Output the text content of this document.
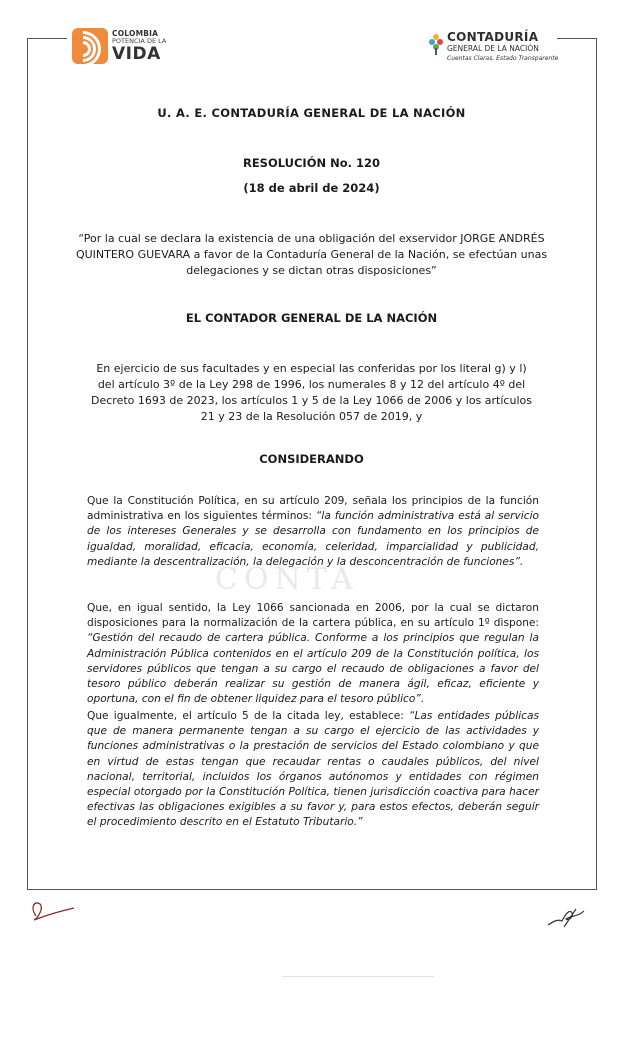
COLOMBIA
POTENCIA DE LA
VIDA
CONTADURÍA
GENERAL DE LA NACIÓN
Cuentas Claras, Estado Transparente

U. A. E. CONTADURÍA GENERAL DE LA NACIÓN

RESOLUCIÓN No. 120

(18 de abril de 2024)

“Por la cual se declara la existencia de una obligación del exservidor JORGE ANDRÉS QUINTERO GUEVARA a favor de la Contaduría General de la Nación, se efectúan unas delegaciones y se dictan otras disposiciones”

EL CONTADOR GENERAL DE LA NACIÓN

En ejercicio de sus facultades y en especial las conferidas por los literal g) y l) del artículo 3º de la Ley 298 de 1996, los numerales 8 y 12 del artículo 4º del Decreto 1693 de 2023, los artículos 1 y 5 de la Ley 1066 de 2006 y los artículos 21 y 23 de la Resolución 057 de 2019, y

CONSIDERANDO

CONTA

Que la Constitución Política, en su artículo 209, señala los principios de la función administrativa en los siguientes términos: “la función administrativa está al servicio de los intereses Generales y se desarrolla con fundamento en los principios de igualdad, moralidad, eficacia, economía, celeridad, imparcialidad y publicidad, mediante la descentralización, la delegación y la desconcentración de funciones”.

Que, en igual sentido, la Ley 1066 sancionada en 2006, por la cual se dictaron disposiciones para la normalización de la cartera pública, en su artículo 1º dispone: “Gestión del recaudo de cartera pública. Conforme a los principios que regulan la Administración Pública contenidos en el artículo 209 de la Constitución política, los servidores públicos que tengan a su cargo el recaudo de obligaciones a favor del tesoro público deberán realizar su gestión de manera ágil, eficaz, eficiente y oportuna, con el fin de obtener liquidez para el tesoro público”.

Que igualmente, el artículo 5 de la citada ley, establece: “Las entidades públicas que de manera permanente tengan a su cargo el ejercicio de las actividades y funciones administrativas o la prestación de servicios del Estado colombiano y que en virtud de estas tengan que recaudar rentas o caudales públicos, del nivel nacional, territorial, incluidos los órganos autónomos y entidades con régimen especial otorgado por la Constitución Política, tienen jurisdicción coactiva para hacer efectivas las obligaciones exigibles a su favor y, para estos efectos, deberán seguir el procedimiento descrito en el Estatuto Tributario.”
